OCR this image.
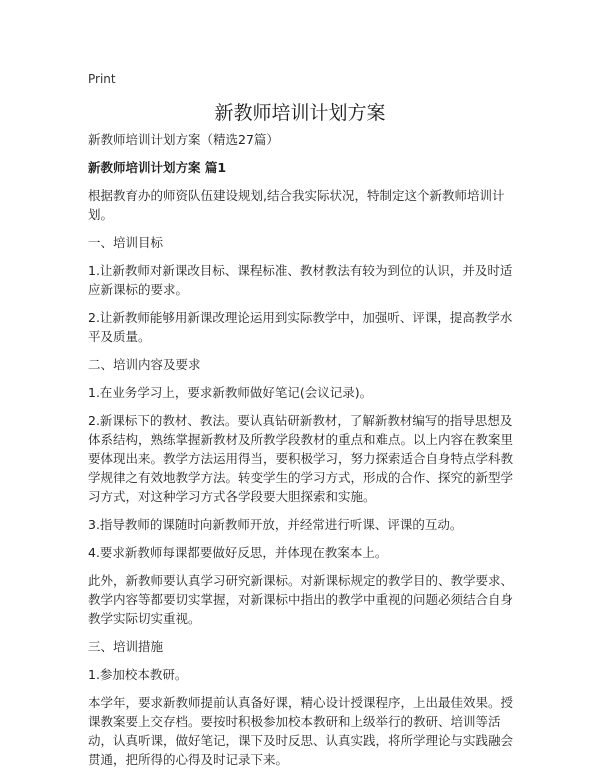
Print
新教师培训计划方案

新教师培训计划方案（精选27篇）

新教师培训计划方案 篇1

根据教育办的师资队伍建设规划,结合我实际状况，特制定这个新教师培训计划。

一、培训目标

1.让新教师对新课改目标、课程标准、教材教法有较为到位的认识，并及时适应新课标的要求。

2.让新教师能够用新课改理论运用到实际教学中，加强听、评课，提高教学水平及质量。

二、培训内容及要求

1.在业务学习上，要求新教师做好笔记(会议记录)。

2.新课标下的教材、教法。要认真钻研新教材，了解新教材编写的指导思想及体系结构，熟练掌握新教材及所教学段教材的重点和难点。以上内容在教案里要体现出来。教学方法运用得当，要积极学习，努力探索适合自身特点学科教学规律之有效地教学方法。转变学生的学习方式，形成的合作、探究的新型学习方式，对这种学习方式各学段要大胆探索和实施。

3.指导教师的课随时向新教师开放，并经常进行听课、评课的互动。

4.要求新教师每课都要做好反思，并体现在教案本上。

此外，新教师要认真学习研究新课标。对新课标规定的教学目的、教学要求、教学内容等都要切实掌握，对新课标中指出的教学中重视的问题必须结合自身教学实际切实重视。

三、培训措施

1.参加校本教研。

本学年，要求新教师提前认真备好课，精心设计授课程序，上出最佳效果。授课教案要上交存档。要按时积极参加校本教研和上级举行的教研、培训等活动，认真听课，做好笔记，课下及时反思、认真实践，将所学理论与实践融会贯通，把所得的心得及时记录下来。
